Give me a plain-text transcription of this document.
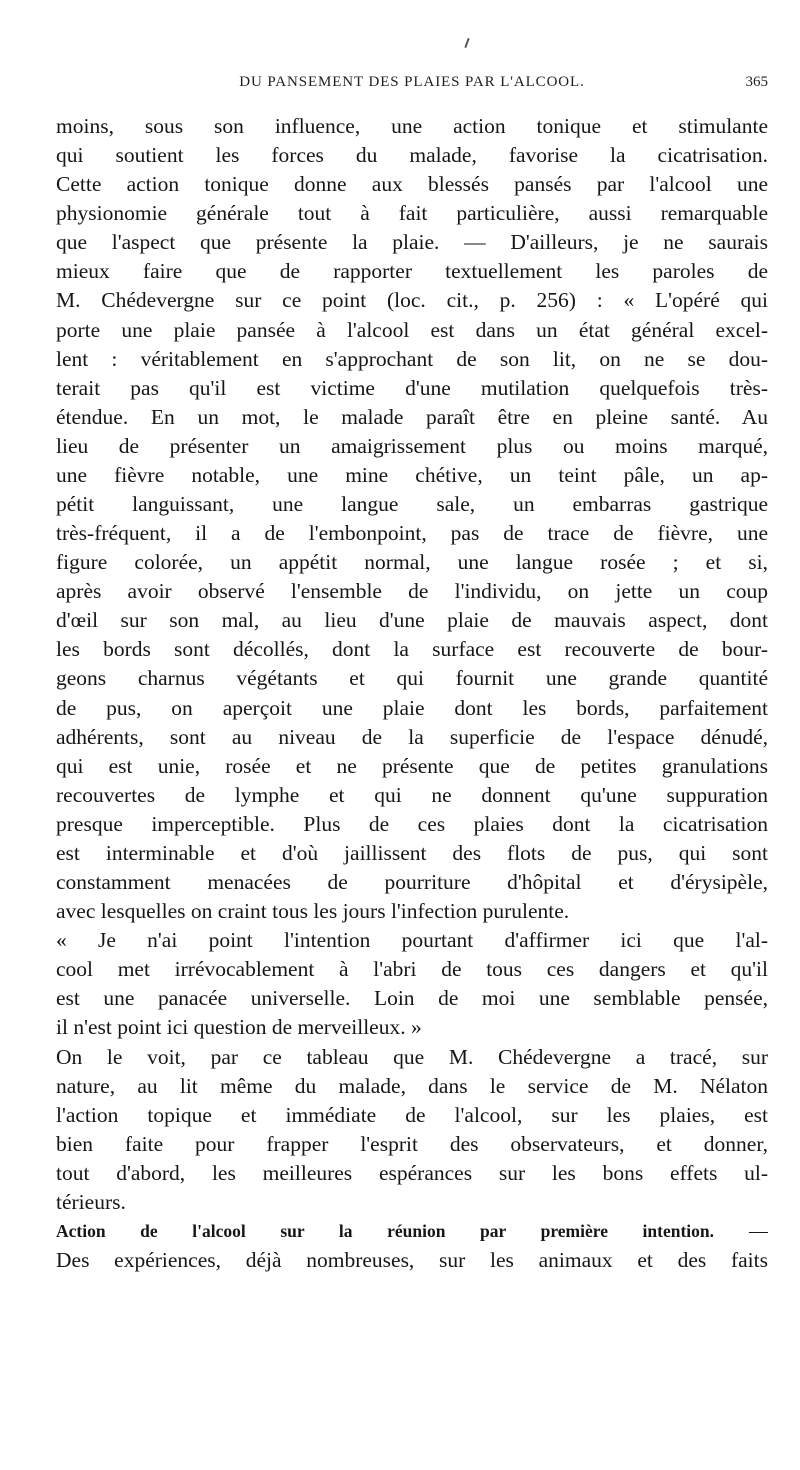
DU PANSEMENT DES PLAIES PAR L'ALCOOL.	365
moins, sous son influence, une action tonique et stimulante
qui soutient les forces du malade, favorise la cicatrisation.
Cette action tonique donne aux blessés pansés par l'alcool une
physionomie générale tout à fait particulière, aussi remarquable
que l'aspect que présente la plaie. — D'ailleurs, je ne saurais
mieux faire que de rapporter textuellement les paroles de
M. Chédevergne sur ce point (loc. cit., p. 256) : « L'opéré qui
porte une plaie pansée à l'alcool est dans un état général excel-
lent : véritablement en s'approchant de son lit, on ne se dou-
terait pas qu'il est victime d'une mutilation quelquefois très-
étendue. En un mot, le malade paraît être en pleine santé. Au
lieu de présenter un amaigrissement plus ou moins marqué,
une fièvre notable, une mine chétive, un teint pâle, un ap-
pétit languissant, une langue sale, un embarras gastrique
très-fréquent, il a de l'embonpoint, pas de trace de fièvre, une
figure colorée, un appétit normal, une langue rosée ; et si,
après avoir observé l'ensemble de l'individu, on jette un coup
d'œil sur son mal, au lieu d'une plaie de mauvais aspect, dont
les bords sont décollés, dont la surface est recouverte de bour-
geons charnus végétants et qui fournit une grande quantité
de pus, on aperçoit une plaie dont les bords, parfaitement
adhérents, sont au niveau de la superficie de l'espace dénudé,
qui est unie, rosée et ne présente que de petites granulations
recouvertes de lymphe et qui ne donnent qu'une suppuration
presque imperceptible. Plus de ces plaies dont la cicatrisation
est interminable et d'où jaillissent des flots de pus, qui sont
constamment menacées de pourriture d'hôpital et d'érysipèle,
avec lesquelles on craint tous les jours l'infection purulente.
« Je n'ai point l'intention pourtant d'affirmer ici que l'al-
cool met irrévocablement à l'abri de tous ces dangers et qu'il
est une panacée universelle. Loin de moi une semblable pensée,
il n'est point ici question de merveilleux. »
On le voit, par ce tableau que M. Chédevergne a tracé, sur
nature, au lit même du malade, dans le service de M. Nélaton
l'action topique et immédiate de l'alcool, sur les plaies, est
bien faite pour frapper l'esprit des observateurs, et donner,
tout d'abord, les meilleures espérances sur les bons effets ul-
térieurs.
Action de l'alcool sur la réunion par première intention. —
Des expériences, déjà nombreuses, sur les animaux et des faits
